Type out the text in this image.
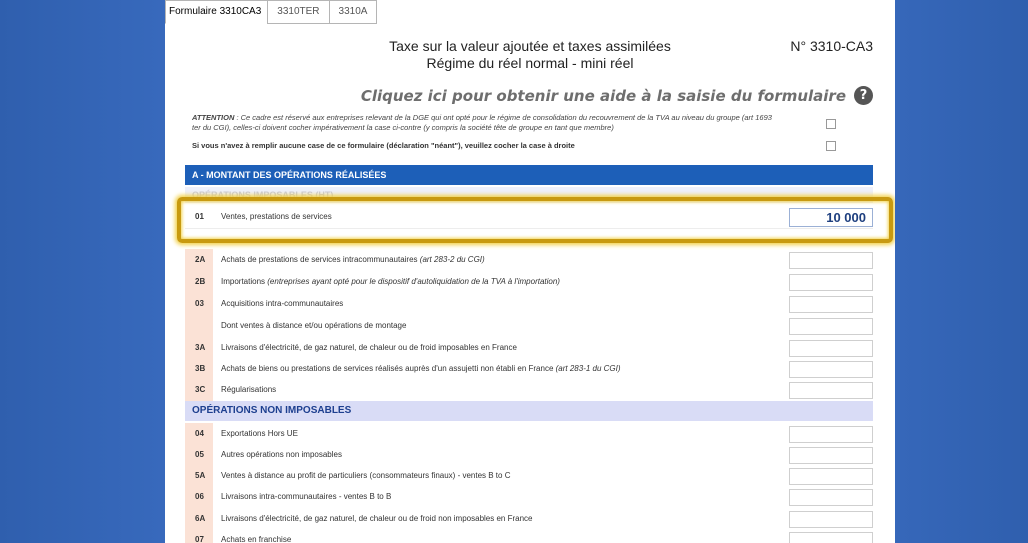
Formulaire 3310CA3	3310TER	3310A
Taxe sur la valeur ajoutée et taxes assimilées
Régime du réel normal - mini réel
N° 3310-CA3
Cliquez ici pour obtenir une aide à la saisie du formulaire	?
ATTENTION : Ce cadre est réservé aux entreprises relevant de la DGE qui ont opté pour le régime de consolidation du recouvrement de la TVA au niveau du groupe (art 1693 ter du CGI), celles-ci doivent cocher impérativement la case ci-contre (y compris la société tête de groupe en tant que membre)
Si vous n'avez à remplir aucune case de ce formulaire (déclaration "néant"), veuillez cocher la case à droite
A - MONTANT DES OPÉRATIONS RÉALISÉES
OPÉRATIONS IMPOSABLES (HT)
01	Ventes, prestations de services	10 000
2A	Achats de prestations de services intracommunautaires (art 283-2 du CGI)
2B	Importations (entreprises ayant opté pour le dispositif d'autoliquidation de la TVA à l'importation)
03	Acquisitions intra-communautaires
Dont ventes à distance et/ou opérations de montage
3A	Livraisons d'électricité, de gaz naturel, de chaleur ou de froid imposables en France
3B	Achats de biens ou prestations de services réalisés auprès d'un assujetti non établi en France (art 283-1 du CGI)
3C	Régularisations
OPÉRATIONS NON IMPOSABLES
04	Exportations Hors UE
05	Autres opérations non imposables
5A	Ventes à distance au profit de particuliers (consommateurs finaux) - ventes B to C
06	Livraisons intra-communautaires - ventes B to B
6A	Livraisons d'électricité, de gaz naturel, de chaleur ou de froid non imposables en France
07	Achats en franchise
